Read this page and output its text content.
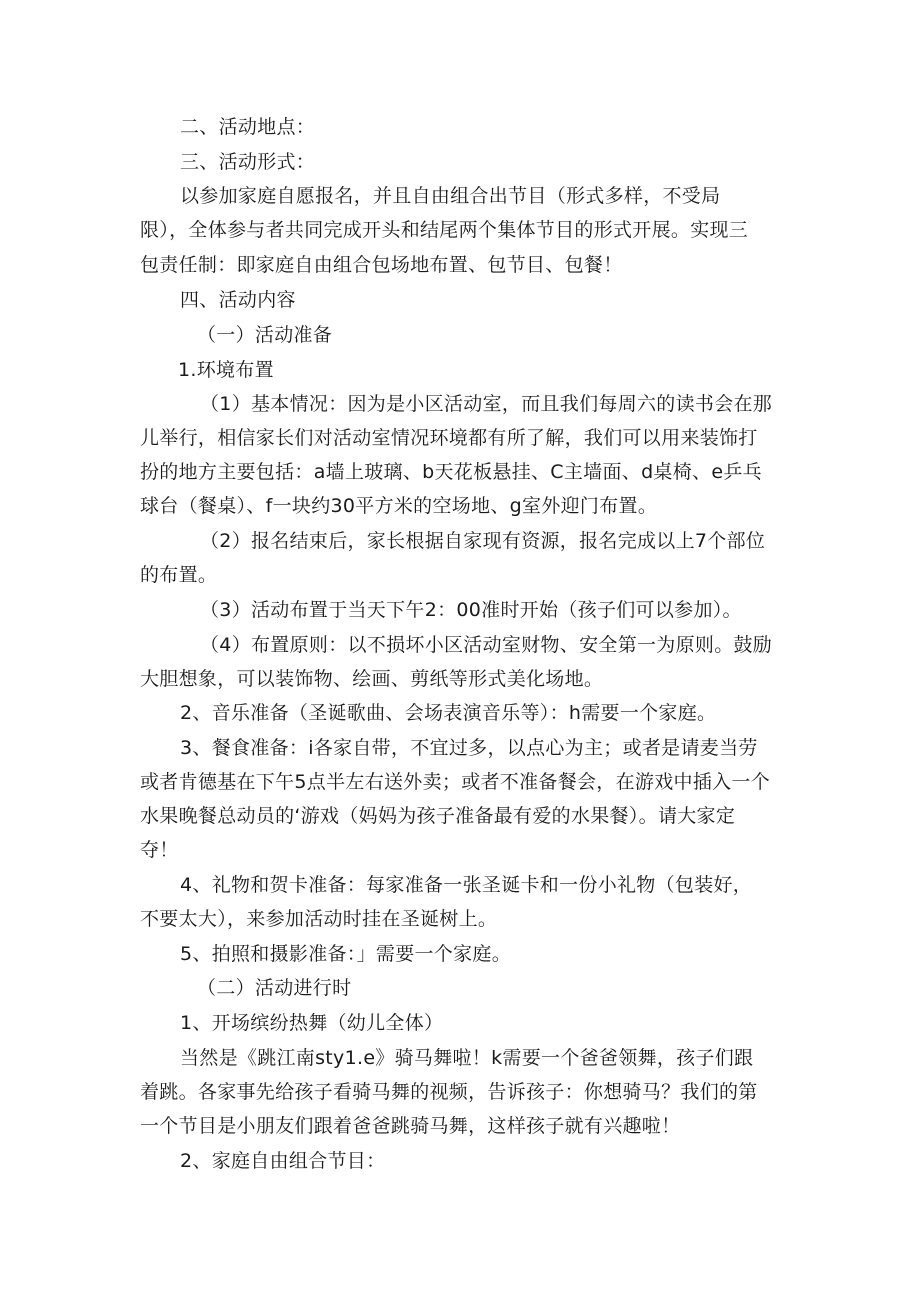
二、活动地点：
三、活动形式：
以参加家庭自愿报名，并且自由组合出节目（形式多样，不受局
限），全体参与者共同完成开头和结尾两个集体节目的形式开展。实现三
包责任制：即家庭自由组合包场地布置、包节目、包餐！
四、活动内容
（一）活动准备
1.环境布置
（1）基本情况：因为是小区活动室，而且我们每周六的读书会在那
儿举行，相信家长们对活动室情况环境都有所了解，我们可以用来装饰打
扮的地方主要包括：a墙上玻璃、b天花板悬挂、C主墙面、d桌椅、e乒乓
球台（餐桌）、f一块约30平方米的空场地、g室外迎门布置。
（2）报名结束后，家长根据自家现有资源，报名完成以上7个部位
的布置。
（3）活动布置于当天下午2：00准时开始（孩子们可以参加）。
（4）布置原则：以不损坏小区活动室财物、安全第一为原则。鼓励
大胆想象，可以装饰物、绘画、剪纸等形式美化场地。
2、音乐准备（圣诞歌曲、会场表演音乐等）：h需要一个家庭。
3、餐食准备：i各家自带，不宜过多，以点心为主；或者是请麦当劳
或者肯德基在下午5点半左右送外卖；或者不准备餐会，在游戏中插入一个
水果晚餐总动员的‘游戏（妈妈为孩子准备最有爱的水果餐）。请大家定
夺！
4、礼物和贺卡准备：每家准备一张圣诞卡和一份小礼物（包装好，
不要太大），来参加活动时挂在圣诞树上。
5、拍照和摄影准备：」需要一个家庭。
（二）活动进行时
1、开场缤纷热舞（幼儿全体）
当然是《跳江南sty1.e》骑马舞啦！k需要一个爸爸领舞，孩子们跟
着跳。各家事先给孩子看骑马舞的视频，告诉孩子：你想骑马？我们的第
一个节目是小朋友们跟着爸爸跳骑马舞，这样孩子就有兴趣啦！
2、家庭自由组合节目：
